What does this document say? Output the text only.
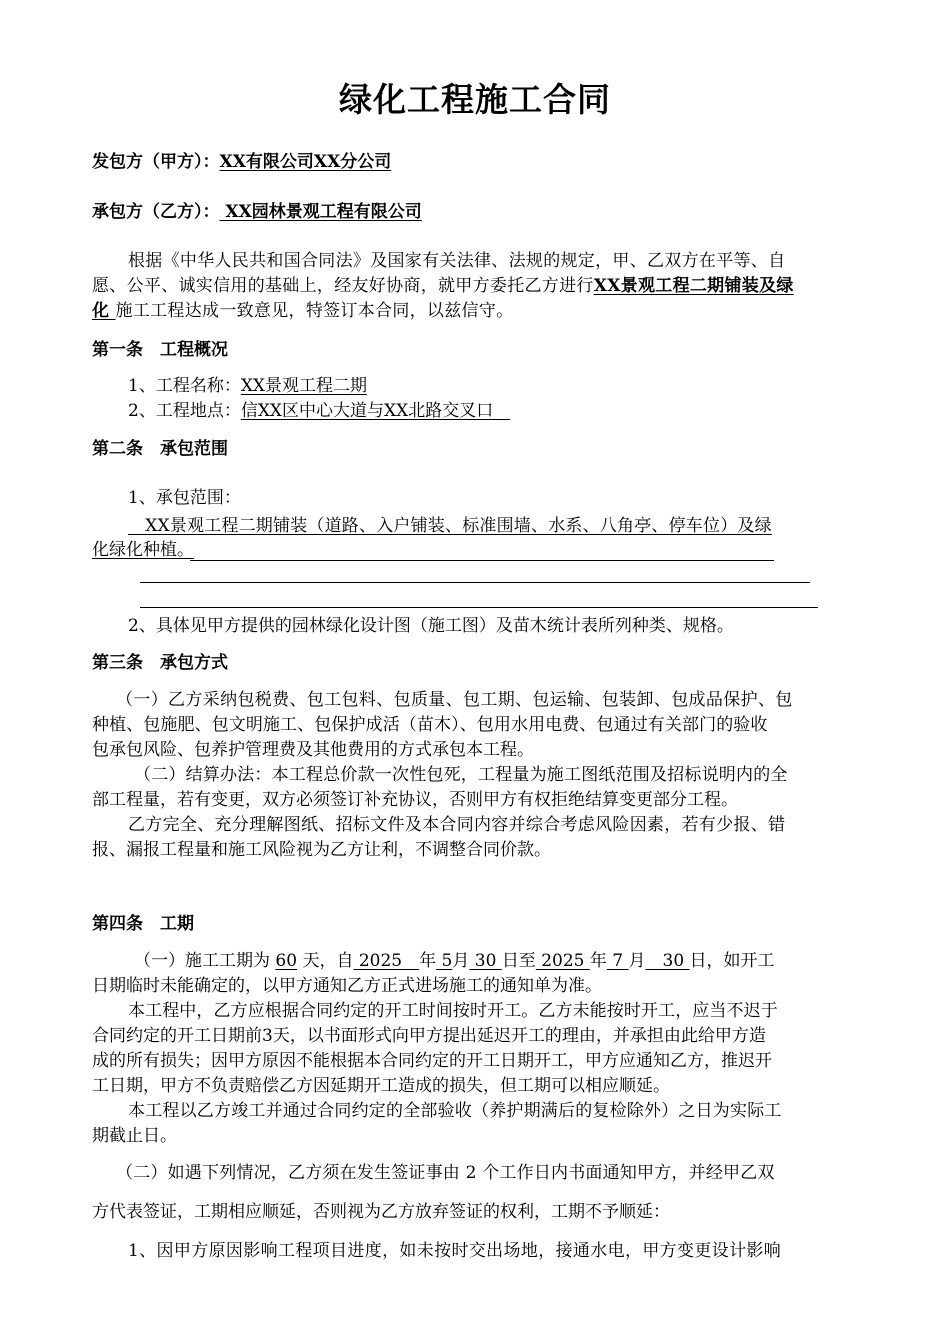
绿化工程施工合同
发包方（甲方）：XX有限公司XX分公司
承包方（乙方）： XX园林景观工程有限公司
根据《中华人民共和国合同法》及国家有关法律、法规的规定，甲、乙双方在平等、自
愿、公平、诚实信用的基础上，经友好协商，就甲方委托乙方进行XX景观工程二期铺装及绿
化 施工工程达成一致意见，特签订本合同，以兹信守。
第一条　工程概况
1、工程名称：XX景观工程二期
2、工程地点：信XX区中心大道与XX北路交叉口　
第二条　承包范围
1、承包范围：
　XX景观工程二期铺装（道路、入户铺装、标准围墙、水系、八角亭、停车位）及绿
化绿化种植。
2、具体见甲方提供的园林绿化设计图（施工图）及苗木统计表所列种类、规格。
第三条　承包方式
（一）乙方采纳包税费、包工包料、包质量、包工期、包运输、包装卸、包成品保护、包
种植、包施肥、包文明施工、包保护成活（苗木）、包用水用电费、包通过有关部门的验收
包承包风险、包养护管理费及其他费用的方式承包本工程。
（二）结算办法：本工程总价款一次性包死，工程量为施工图纸范围及招标说明内的全
部工程量，若有变更，双方必须签订补充协议，否则甲方有权拒绝结算变更部分工程。
乙方完全、充分理解图纸、招标文件及本合同内容并综合考虑风险因素，若有少报、错
报、漏报工程量和施工风险视为乙方让利，不调整合同价款。
第四条　工期
（一）施工工期为 60 天，自 2025　年 5月 30 日至 2025 年 7 月　30 日，如开工
日期临时未能确定的，以甲方通知乙方正式进场施工的通知单为准。
本工程中，乙方应根据合同约定的开工时间按时开工。乙方未能按时开工，应当不迟于
合同约定的开工日期前3天，以书面形式向甲方提出延迟开工的理由，并承担由此给甲方造
成的所有损失；因甲方原因不能根据本合同约定的开工日期开工，甲方应通知乙方，推迟开
工日期，甲方不负责赔偿乙方因延期开工造成的损失，但工期可以相应顺延。
本工程以乙方竣工并通过合同约定的全部验收（养护期满后的复检除外）之日为实际工
期截止日。
（二）如遇下列情况，乙方须在发生签证事由 2 个工作日内书面通知甲方，并经甲乙双
方代表签证，工期相应顺延，否则视为乙方放弃签证的权利，工期不予顺延：
1、因甲方原因影响工程项目进度，如未按时交出场地，接通水电，甲方变更设计影响
